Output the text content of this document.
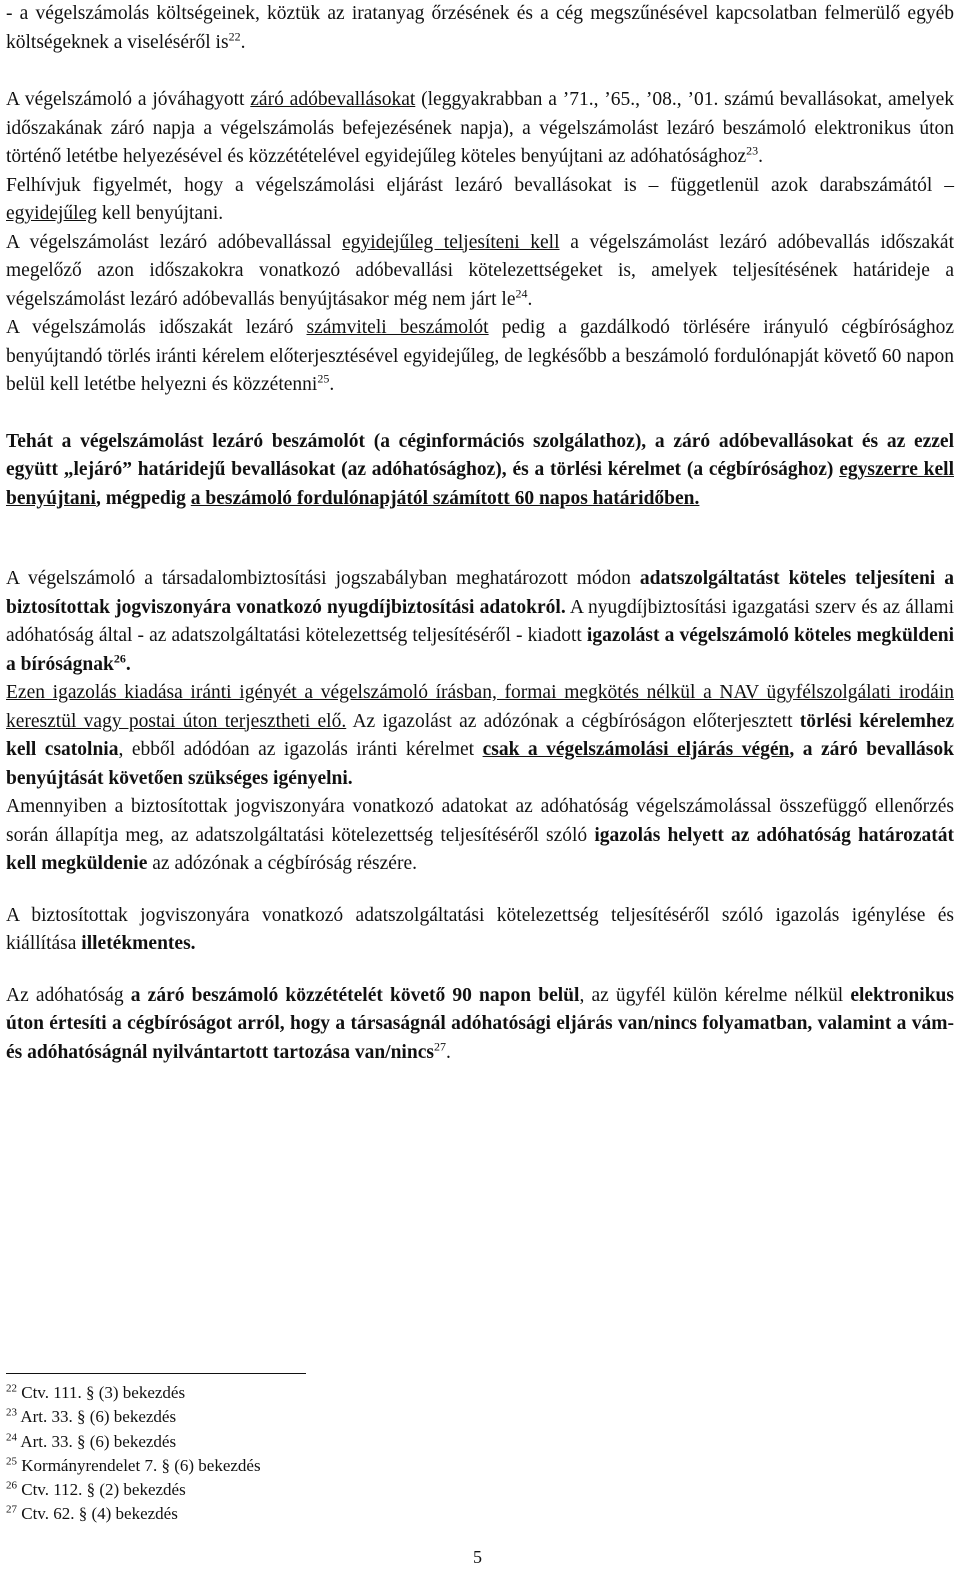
- a végelszámolás költségeinek, köztük az iratanyag őrzésének és a cég megszűnésével kapcsolatban felmerülő egyéb költségeknek a viseléséről $is^{22}$.

A végelszámoló a jóváhagyott záró adóbevallásokat (leggyakrabban a ’71., ’65., ’08., ’01. számú bevallásokat, amelyek időszakának záró napja a végelszámolás befejezésének napja), a végelszámolást lezáró beszámoló elektronikus úton történő letétbe helyezésével és közzétételével egyidejűleg köteles benyújtani az adóhatósághoz$^{23}$.

Felhívjuk figyelmét, hogy a végelszámolási eljárást lezáró bevallásokat is – függetlenül azok darabszámától – egyidejűleg kell benyújtani.

A végelszámolást lezáró adóbevallással egyidejűleg teljesíteni kell a végelszámolást lezáró adóbevallás időszakát megelőző azon időszakokra vonatkozó adóbevallási kötelezettségeket is, amelyek teljesítésének határideje a végelszámolást lezáró adóbevallás benyújtásakor még nem járt $le^{24}$.

A végelszámolás időszakát lezáró számviteli beszámolót pedig a gazdálkodó törlésére irányuló cégbírósághoz benyújtandó törlés iránti kérelem előterjesztésével egyidejűleg, de legkésőbb a beszámoló fordulónapját követő 60 napon belül kell letétbe helyezni és közzétenni$^{25}$.

Tehát a végelszámolást lezáró beszámolót (a céginformációs szolgálathoz), a záró adóbevallásokat és az ezzel együtt „lejáró” határidejű bevallásokat (az adóhatósághoz), és a törlési kérelmet (a cégbírósághoz) egyszerre kell benyújtani, mégpedig a beszámoló fordulónapjától számított 60 napos határidőben.

A végelszámoló a társadalombiztosítási jogszabályban meghatározott módon adatszolgáltatást köteles teljesíteni a biztosítottak jogviszonyára vonatkozó nyugdíjbiztosítási adatokról. A nyugdíjbiztosítási igazgatási szerv és az állami adóhatóság által - az adatszolgáltatási kötelezettség teljesítéséről - kiadott igazolást a végelszámoló köteles megküldeni a bíróságnak$^{26}$.

Ezen igazolás kiadása iránti igényét a végelszámoló írásban, formai megkötés nélkül a NAV ügyfélszolgálati irodáin keresztül vagy postai úton terjesztheti elő. Az igazolást az adózónak a cégbíróságon előterjesztett törlési kérelemhez kell csatolnia, ebből adódóan az igazolás iránti kérelmet csak a végelszámolási eljárás végén, a záró bevallások benyújtását követően szükséges igényelni.

Amennyiben a biztosítottak jogviszonyára vonatkozó adatokat az adóhatóság végelszámolással összefüggő ellenőrzés során állapítja meg, az adatszolgáltatási kötelezettség teljesítéséről szóló igazolás helyett az adóhatóság határozatát kell megküldenie az adózónak a cégbíróság részére.

A biztosítottak jogviszonyára vonatkozó adatszolgáltatási kötelezettség teljesítéséről szóló igazolás igénylése és kiállítása illetékmentes.

Az adóhatóság a záró beszámoló közzétételét követő 90 napon belül, az ügyfél külön kérelme nélkül elektronikus úton értesíti a cégbíróságot arról, hogy a társaságnál adóhatósági eljárás van/nincs folyamatban, valamint a vám- és adóhatóságnál nyilvántartott tartozása van/nincs$^{27}$.

$^{22}$ Ctv. 111. § (3) bekezdés
$^{23}$ Art. 33. § (6) bekezdés
$^{24}$ Art. 33. § (6) bekezdés
$^{25}$ Kormányrendelet 7. § (6) bekezdés
$^{26}$ Ctv. 112. § (2) bekezdés
$^{27}$ Ctv. 62. § (4) bekezdés
5
